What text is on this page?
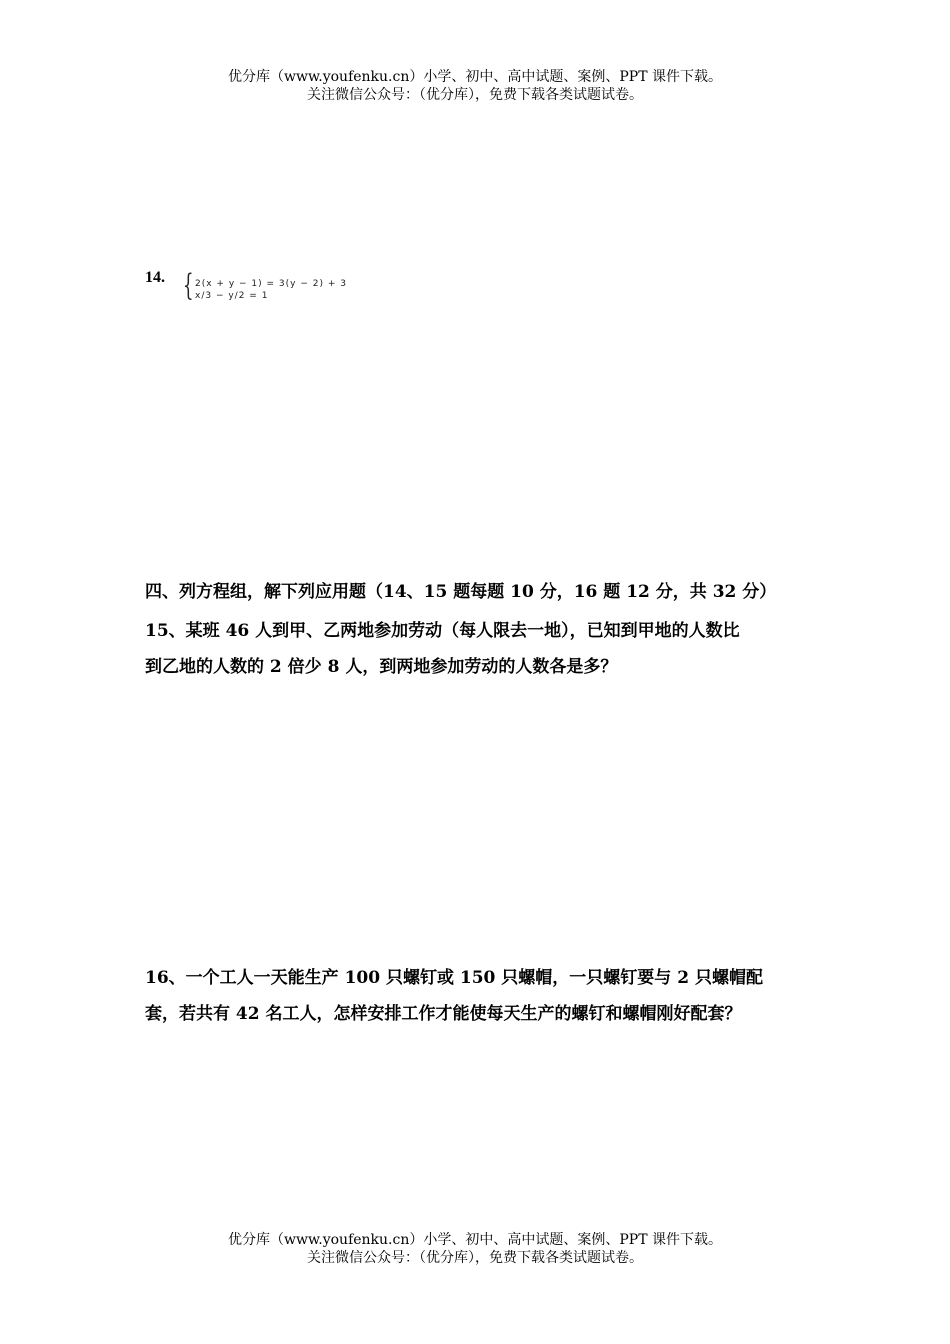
优分库（www.youfenku.cn）小学、初中、高中试题、案例、PPT 课件下载。
关注微信公众号：（优分库），免费下载各类试题试卷。
14. { 2(x + y − 1) = 3(y − 2) + 3
x/3 − y/2 = 1
四、列方程组，解下列应用题（14、15 题每题 10 分，16 题 12 分，共 32 分）
15、某班 46 人到甲、乙两地参加劳动（每人限去一地），已知到甲地的人数比
到乙地的人数的 2 倍少 8 人，到两地参加劳动的人数各是多？
16、一个工人一天能生产 100 只螺钉或 150 只螺帽，一只螺钉要与 2 只螺帽配
套，若共有 42 名工人，怎样安排工作才能使每天生产的螺钉和螺帽刚好配套？
优分库（www.youfenku.cn）小学、初中、高中试题、案例、PPT 课件下载。
关注微信公众号：（优分库），免费下载各类试题试卷。
